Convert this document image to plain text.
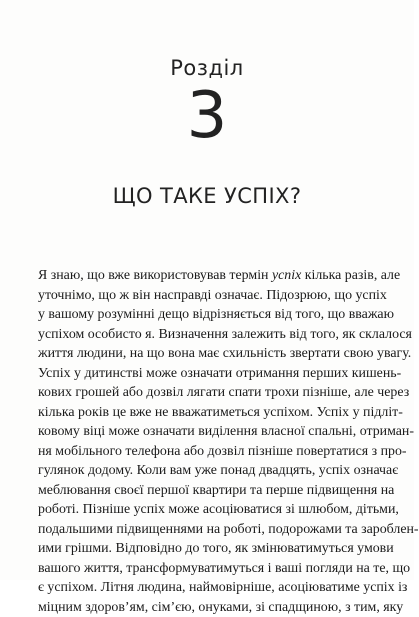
Розділ
3
ЩО ТАКЕ УСПІХ?
Я знаю, що вже використовував термін успіх кілька разів, але
уточнімо, що ж він насправді означає. Підозрюю, що успіх
у вашому розумінні дещо відрізняється від того, що вважаю
успіхом особисто я. Визначення залежить від того, як склалося
життя людини, на що вона має схильність звертати свою увагу.
Успіх у дитинстві може означати отримання перших кишень-
кових грошей або дозвіл лягати спати трохи пізніше, але через
кілька років це вже не вважатиметься успіхом. Успіх у підліт-
ковому віці може означати виділення власної спальні, отриман-
ня мобільного телефона або дозвіл пізніше повертатися з про-
гулянок додому. Коли вам уже понад двадцять, успіх означає
меблювання своєї першої квартири та перше підвищення на
роботі. Пізніше успіх може асоціюватися зі шлюбом, дітьми,
подальшими підвищеннями на роботі, подорожами та зароблен-
ими грішми. Відповідно до того, як змінюватимуться умови
вашого життя, трансформуватимуться і ваші погляди на те, що
є успіхом. Літня людина, наймовірніше, асоціюватиме успіх із
міцним здоров’ям, сім’єю, онуками, зі спадщиною, з тим, яку
